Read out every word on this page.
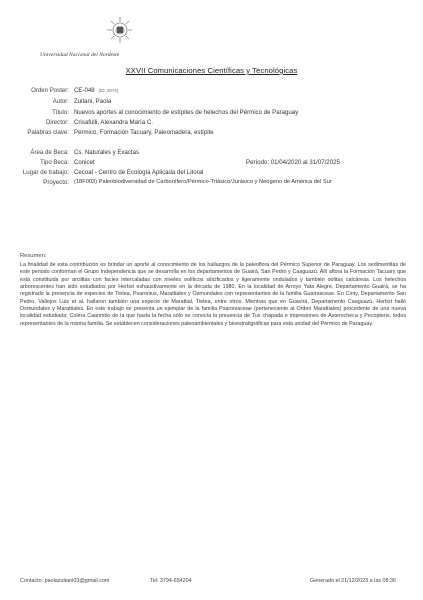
Universidad Nacional del Nordeste
XXVII Comunicaciones Científicas y Tecnológicas
Orden Poster: CE-048 (ID: 2074)
Autor: Zuitani, Paola
Título: Nuevos aportes al conocimiento de estípites de helechos del Pérmico de Paraguay
Director: Crisafulli, Alexandra María C.
Palabras clave: Pérmico, Formación Tacuary, Paleomadera, estípite
Área de Beca: Cs. Naturales y Exactas
Tipo Beca: Conicet	Período: 01/04/2020 al 31/07/2025
Lugar de trabajo: Cecoal - Centro de Ecología Aplicada del Litoral
Proyecto: (18F003) Paleobiodiversidad de Carbonífero/Pérmico-Triásico/Jurásico y Neógeno de América del Sur
Resumen:
La finalidad de esta contribución es brindar un aporte al conocimiento de los hallazgos de la paleoflora del Pérmico Superior de Paraguay. Los sedimentitas de este periodo conforman el Grupo Independencia que se desarrolla en los departamentos de Guairá, San Pedro y Caaguazú. Allí aflora la Formación Tacuary que está constituida por arcilitas con facies intercaladas con niveles oolíticos silicificados y ligeramente ondulados y también oolitas calcáreas. Los helechos arborescentes han sido estudiados por Herbst exhaustivamente en la década de 1980. En la localidad de Arroyo Yata Alegre, Departamento Guairá, se ha registrado la presencia de especies de Tietea, Psaronius, Marattiales y Osmundales con representantes de la familia Guaireaceae. En Cinty, Departamento San Pedro, Vallejos Luiz et al. hallaron también una especie de Marattial, Tietea, entre otros. Mientras que en Guavirá, Departamento Caaguazú, Herbst halló Osmundales y Marattiales. En este trabajo se presenta un ejemplar de la familia Psaroniaceae (perteneciente al Orden Marattiales) procedente de una nueva localidad estudiada: Colera Caarimbo de la que hasta la fecha sólo se conocía la presencia de Tux chapada e impresiones de Asterocheca y Pecopteris, todos representantes de la misma familia. Se establecen consideraciones paleoambientales y bioestratigráficas para esta unidad del Pérmico de Paraguay.
Contacto: paolazuitani03@gmail.com	Tel: 3794-654204	Generado el 21/12/2023 a las 08:36
